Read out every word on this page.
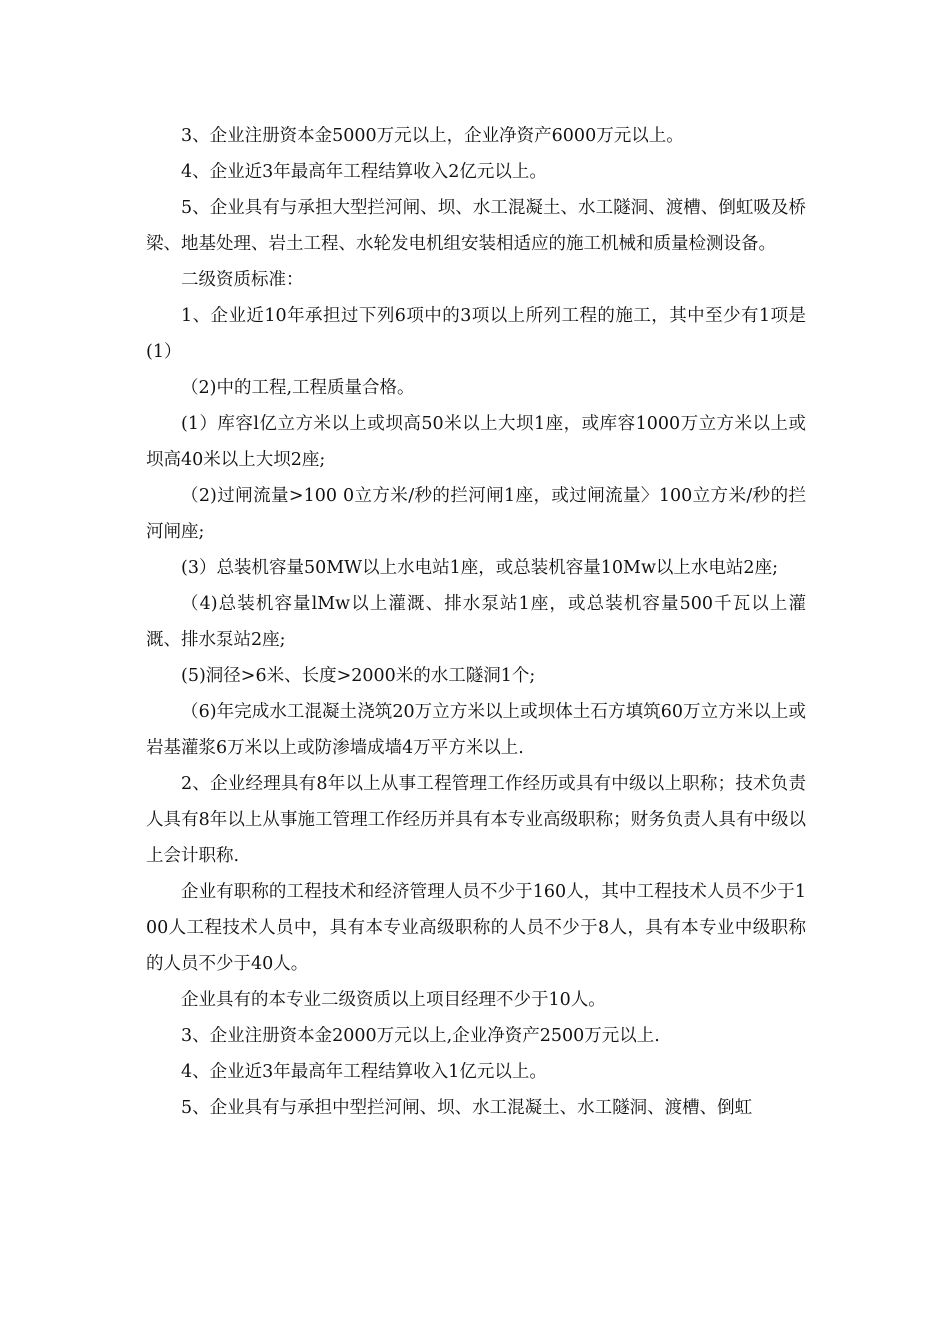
3、企业注册资本金5000万元以上，企业净资产6000万元以上。

4、企业近3年最高年工程结算收入2亿元以上。

5、企业具有与承担大型拦河闸、坝、水工混凝土、水工隧洞、渡槽、倒虹吸及桥梁、地基处理、岩土工程、水轮发电机组安装相适应的施工机械和质量检测设备。

二级资质标准：

1、企业近10年承担过下列6项中的3项以上所列工程的施工，其中至少有1项是(1）

（2)中的工程,工程质量合格。

(1）库容l亿立方米以上或坝高50米以上大坝1座，或库容1000万立方米以上或坝高40米以上大坝2座;

（2)过闸流量>100 0立方米/秒的拦河闸1座，或过闸流量〉100立方米/秒的拦河闸座;

(3）总装机容量50MW以上水电站1座，或总装机容量10Mw以上水电站2座;

（4)总装机容量lMw以上灌溉、排水泵站1座，或总装机容量500千瓦以上灌溉、排水泵站2座;

(5)洞径>6米、长度>2000米的水工隧洞1个;

（6)年完成水工混凝土浇筑20万立方米以上或坝体土石方填筑60万立方米以上或岩基灌浆6万米以上或防渗墙成墙4万平方米以上.

2、企业经理具有8年以上从事工程管理工作经历或具有中级以上职称；技术负责人具有8年以上从事施工管理工作经历并具有本专业高级职称；财务负责人具有中级以上会计职称.

企业有职称的工程技术和经济管理人员不少于160人，其中工程技术人员不少于100人工程技术人员中，具有本专业高级职称的人员不少于8人，具有本专业中级职称的人员不少于40人。

企业具有的本专业二级资质以上项目经理不少于10人。

3、企业注册资本金2000万元以上,企业净资产2500万元以上.

4、企业近3年最高年工程结算收入1亿元以上。

5、企业具有与承担中型拦河闸、坝、水工混凝土、水工隧洞、渡槽、倒虹
